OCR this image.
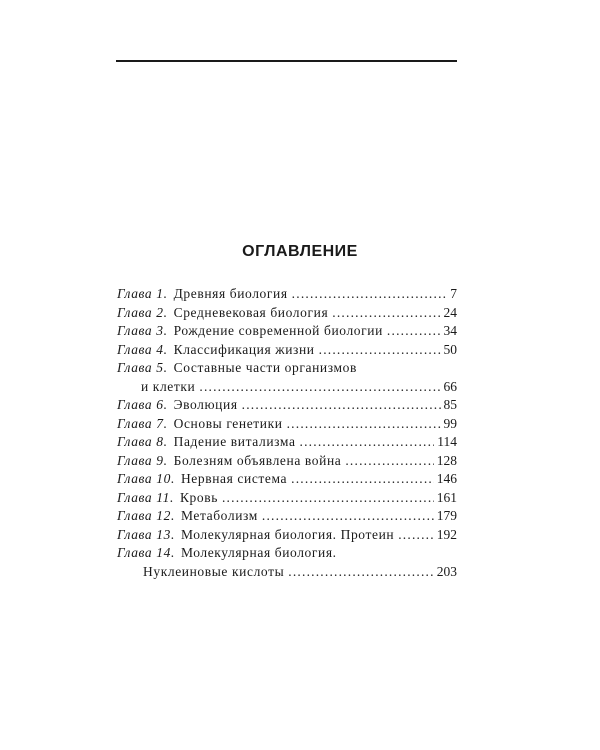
ОГЛАВЛЕНИЕ
Глава 1. Древняя биология .....	7
Глава 2. Средневековая биология .....	24
Глава 3. Рождение современной биологии .....	34
Глава 4. Классификация жизни .....	50
Глава 5. Составные части организмов
и клетки .....	66
Глава 6. Эволюция .....	85
Глава 7. Основы генетики .....	99
Глава 8. Падение витализма .....	114
Глава 9. Болезням объявлена война .....	128
Глава 10. Нервная система .....	146
Глава 11. Кровь .....	161
Глава 12. Метаболизм .....	179
Глава 13. Молекулярная биология. Протеин .....	192
Глава 14. Молекулярная биология.
Нуклеиновые кислоты .....	203
